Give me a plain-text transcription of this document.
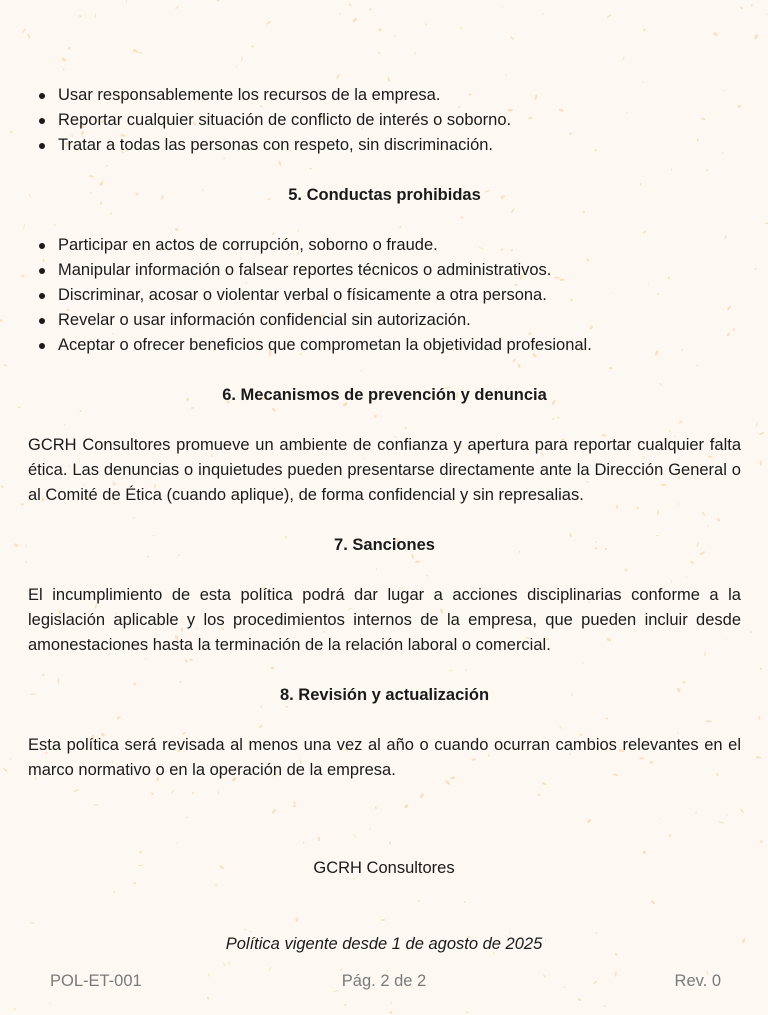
Usar responsablemente los recursos de la empresa.
Reportar cualquier situación de conflicto de interés o soborno.
Tratar a todas las personas con respeto, sin discriminación.
5. Conductas prohibidas
Participar en actos de corrupción, soborno o fraude.
Manipular información o falsear reportes técnicos o administrativos.
Discriminar, acosar o violentar verbal o físicamente a otra persona.
Revelar o usar información confidencial sin autorización.
Aceptar o ofrecer beneficios que comprometan la objetividad profesional.
6. Mecanismos de prevención y denuncia

GCRH Consultores promueve un ambiente de confianza y apertura para reportar cualquier falta ética. Las denuncias o inquietudes pueden presentarse directamente ante la Dirección General o al Comité de Ética (cuando aplique), de forma confidencial y sin represalias.

7. Sanciones

El incumplimiento de esta política podrá dar lugar a acciones disciplinarias conforme a la legislación aplicable y los procedimientos internos de la empresa, que pueden incluir desde amonestaciones hasta la terminación de la relación laboral o comercial.

8. Revisión y actualización

Esta política será revisada al menos una vez al año o cuando ocurran cambios relevantes en el marco normativo o en la operación de la empresa.

GCRH Consultores
Política vigente desde 1 de agosto de 2025
POL-ET-001	Pág. 2 de 2	Rev. 0
